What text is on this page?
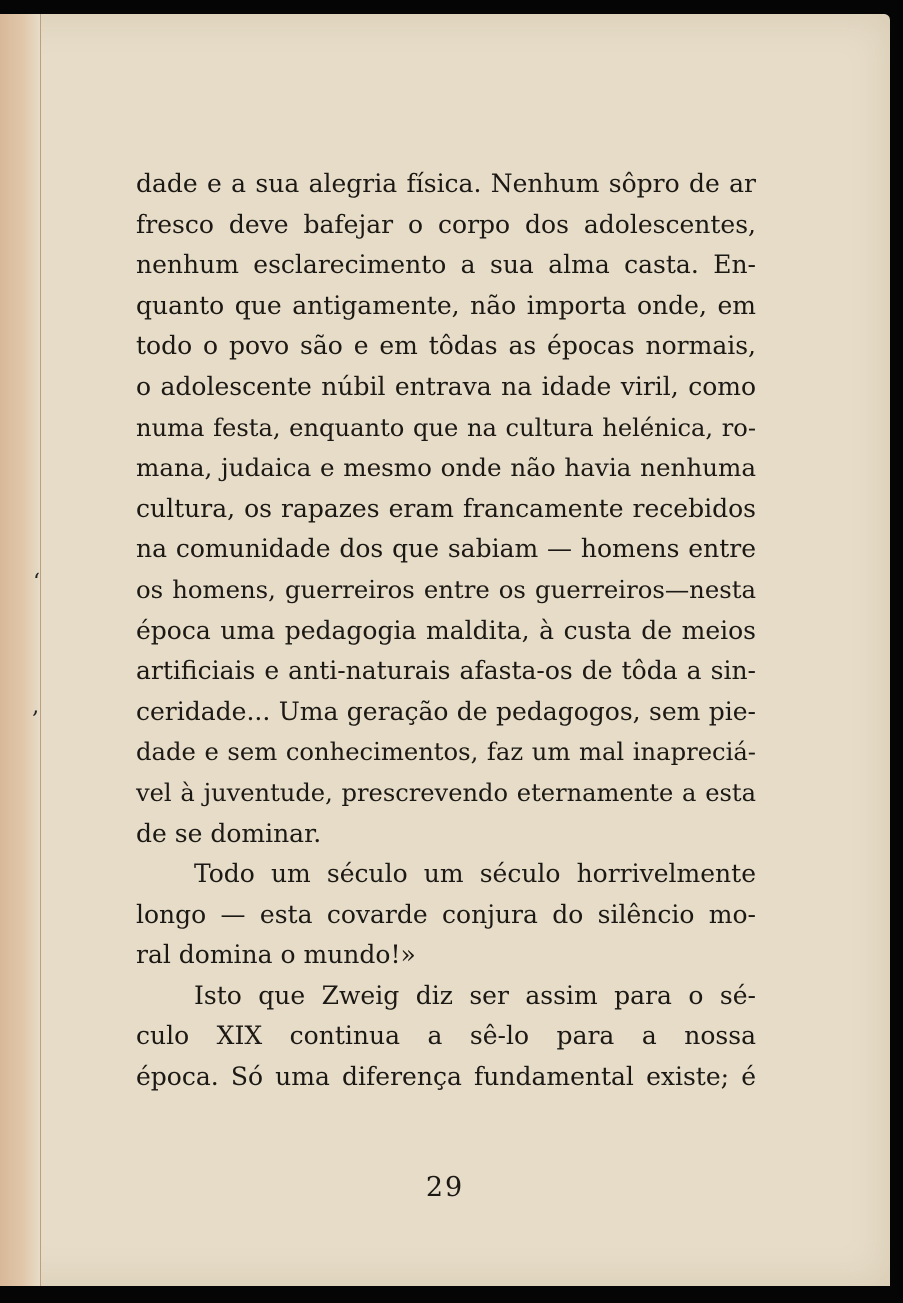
dade e a sua alegria física. Nenhum sôpro de ar
fresco deve bafejar o corpo dos adolescentes,
nenhum esclarecimento a sua alma casta. En-
quanto que antigamente, não importa onde, em
todo o povo são e em tôdas as épocas normais,
o adolescente núbil entrava na idade viril, como
numa festa, enquanto que na cultura helénica, ro-
mana, judaica e mesmo onde não havia nenhuma
cultura, os rapazes eram francamente recebidos
na comunidade dos que sabiam — homens entre
os homens, guerreiros entre os guerreiros—nesta
época uma pedagogia maldita, à custa de meios
artificiais e anti-naturais afasta-os de tôda a sin-
ceridade... Uma geração de pedagogos, sem pie-
dade e sem conhecimentos, faz um mal inapreciá-
vel à juventude, prescrevendo eternamente a esta
de se dominar.
Todo um século um século horrivelmente
longo — esta covarde conjura do silêncio mo-
ral domina o mundo!»
Isto que Zweig diz ser assim para o sé-
culo XIX continua a sê-lo para a nossa
época. Só uma diferença fundamental existe; é
29
‘
‚
